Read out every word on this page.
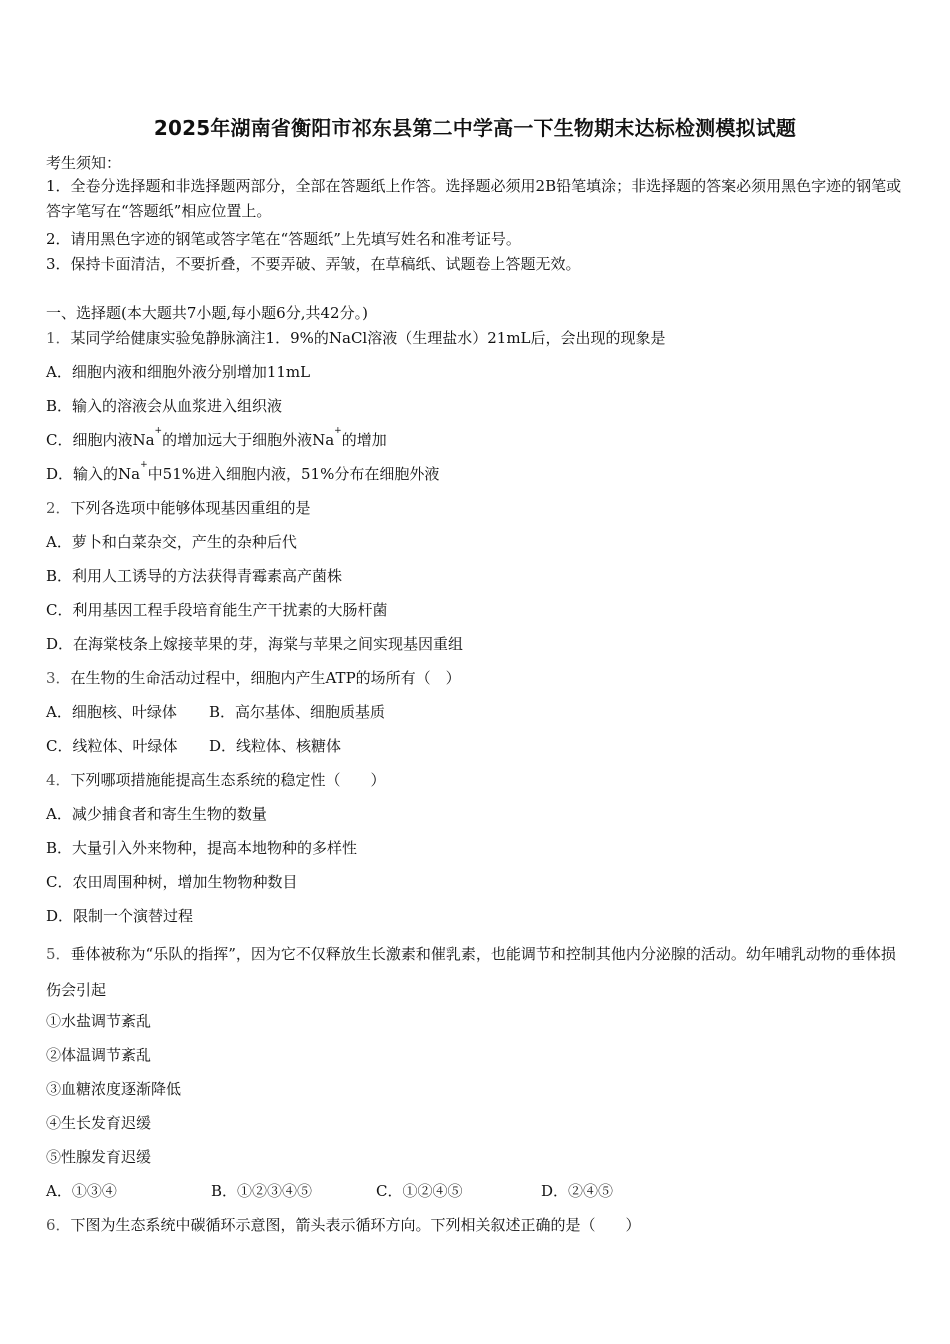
2025年湖南省衡阳市祁东县第二中学高一下生物期末达标检测模拟试题
考生须知：
1．全卷分选择题和非选择题两部分，全部在答题纸上作答。选择题必须用2B铅笔填涂；非选择题的答案必须用黑色字迹的钢笔或答字笔写在“答题纸”相应位置上。
2．请用黑色字迹的钢笔或答字笔在“答题纸”上先填写姓名和准考证号。
3．保持卡面清洁，不要折叠，不要弄破、弄皱，在草稿纸、试题卷上答题无效。
一、选择题(本大题共7小题,每小题6分,共42分。)
1．某同学给健康实验兔静脉滴注1．9%的NaCl溶液（生理盐水）21mL后，会出现的现象是
A．细胞内液和细胞外液分别增加11mL
B．输入的溶液会从血浆进入组织液
C．细胞内液Na+的增加远大于细胞外液Na+的增加
D．输入的Na+中51%进入细胞内液，51%分布在细胞外液
2．下列各选项中能够体现基因重组的是
A．萝卜和白菜杂交，产生的杂种后代
B．利用人工诱导的方法获得青霉素高产菌株
C．利用基因工程手段培育能生产干扰素的大肠杆菌
D．在海棠枝条上嫁接苹果的芽，海棠与苹果之间实现基因重组
3．在生物的生命活动过程中，细胞内产生ATP的场所有（　）
A．细胞核、叶绿体 B．高尔基体、细胞质基质
C．线粒体、叶绿体 D．线粒体、核糖体
4．下列哪项措施能提高生态系统的稳定性（　　）
A．减少捕食者和寄生生物的数量
B．大量引入外来物种，提高本地物种的多样性
C．农田周围种树，增加生物物种数目
D．限制一个演替过程
5．垂体被称为“乐队的指挥”，因为它不仅释放生长激素和催乳素，也能调节和控制其他内分泌腺的活动。幼年哺乳动物的垂体损伤会引起
①水盐调节紊乱
②体温调节紊乱
③血糖浓度逐渐降低
④生长发育迟缓
⑤性腺发育迟缓
A．①③④	B．①②③④⑤	C．①②④⑤	D．②④⑤
6．下图为生态系统中碳循环示意图，箭头表示循环方向。下列相关叙述正确的是（　　）
